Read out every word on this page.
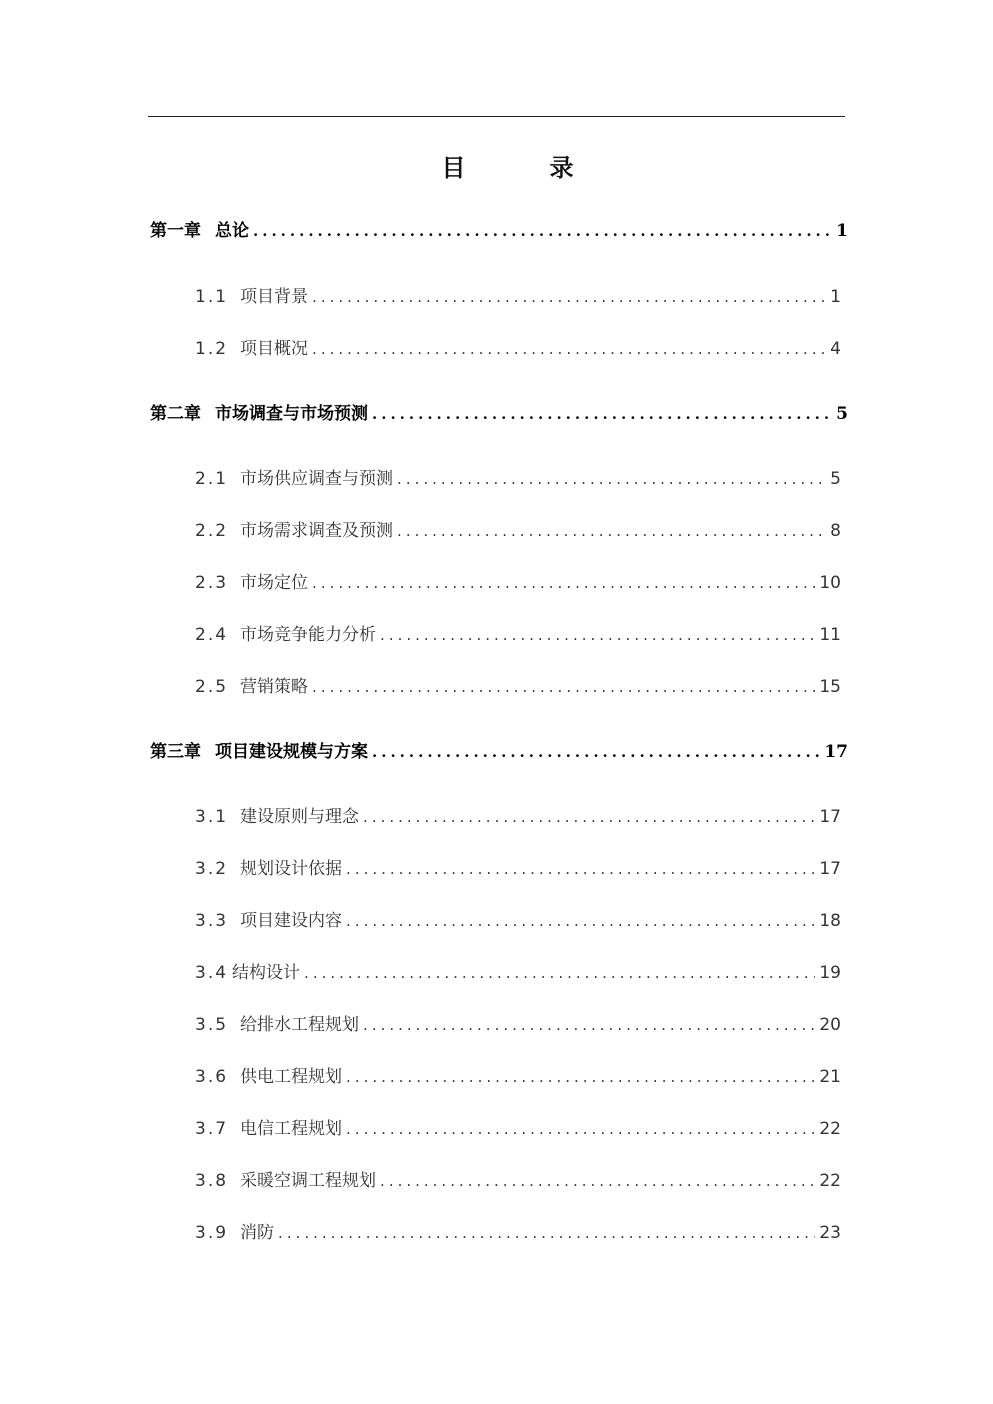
目　录
第一章 总论 .....	1
1.1 项目背景 .....	1
1.2 项目概况 .....	4
第二章 市场调查与市场预测 .....	5
2.1 市场供应调查与预测 .....	5
2.2 市场需求调查及预测 .....	8
2.3 市场定位 .....	10
2.4 市场竞争能力分析 .....	11
2.5 营销策略 .....	15
第三章 项目建设规模与方案 .....	17
3.1 建设原则与理念 .....	17
3.2 规划设计依据 .....	17
3.3 项目建设内容 .....	18
3.4 结构设计 .....	19
3.5 给排水工程规划 .....	20
3.6 供电工程规划 .....	21
3.7 电信工程规划 .....	22
3.8 采暖空调工程规划 .....	22
3.9 消防 .....	23
